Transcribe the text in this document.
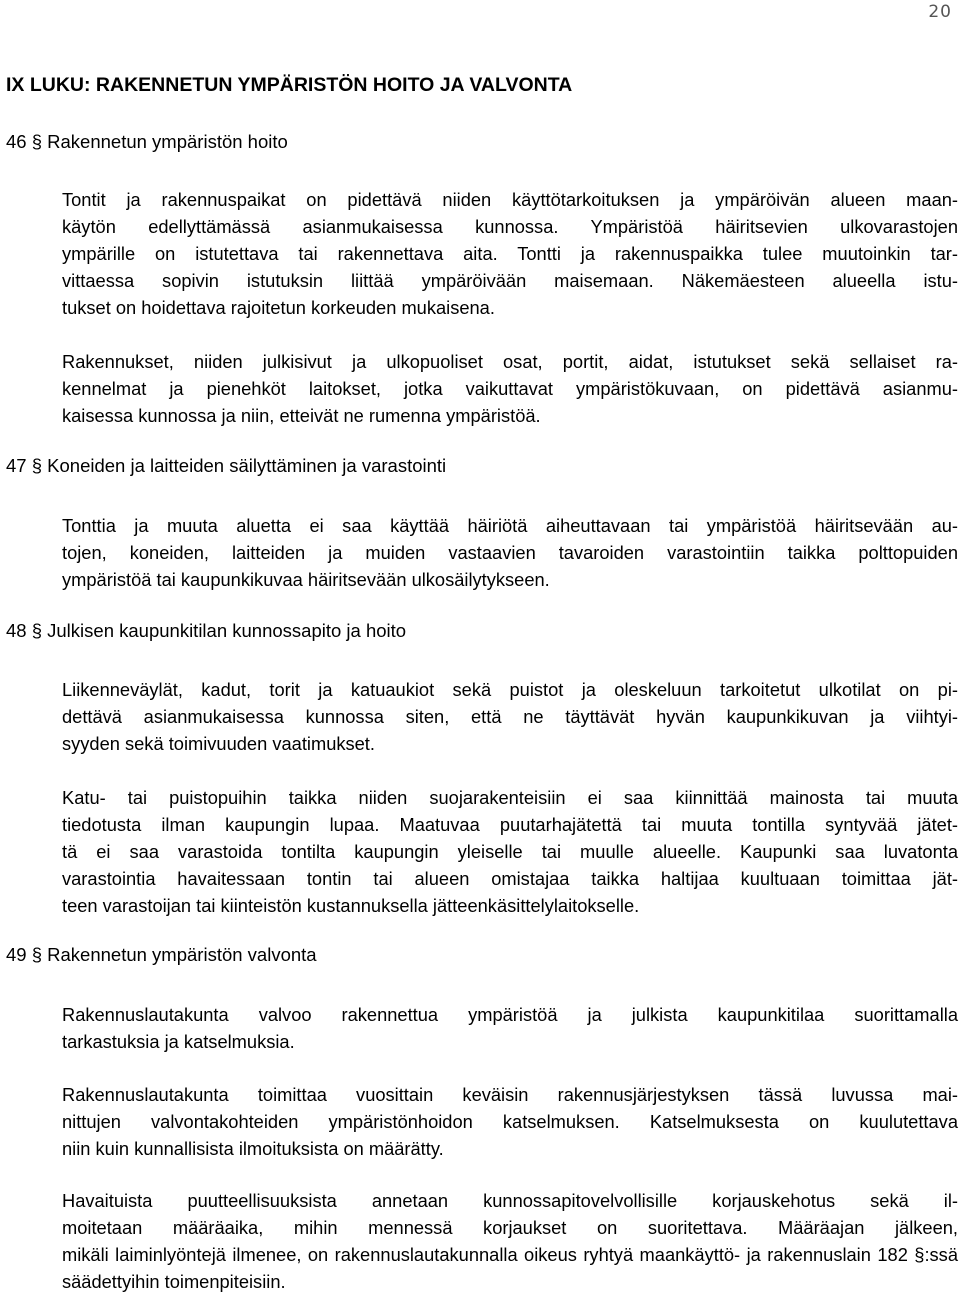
20
IX LUKU: RAKENNETUN YMPÄRISTÖN HOITO JA VALVONTA
46 § Rakennetun ympäristön hoito
Tontit ja rakennuspaikat on pidettävä niiden käyttötarkoituksen ja ympäröivän alueen maan-
käytön edellyttämässä asianmukaisessa kunnossa. Ympäristöä häiritsevien ulkovarastojen
ympärille on istutettava tai rakennettava aita. Tontti ja rakennuspaikka tulee muutoinkin tar-
vittaessa sopivin istutuksin liittää ympäröivään maisemaan. Näkemäesteen alueella istu-
tukset on hoidettava rajoitetun korkeuden mukaisena.
Rakennukset, niiden julkisivut ja ulkopuoliset osat, portit, aidat, istutukset sekä sellaiset ra-
kennelmat ja pienehköt laitokset, jotka vaikuttavat ympäristökuvaan, on pidettävä asianmu-
kaisessa kunnossa ja niin, etteivät ne rumenna ympäristöä.
47 § Koneiden ja laitteiden säilyttäminen ja varastointi
Tonttia ja muuta aluetta ei saa käyttää häiriötä aiheuttavaan tai ympäristöä häiritsevään au-
tojen, koneiden, laitteiden ja muiden vastaavien tavaroiden varastointiin taikka polttopuiden
ympäristöä tai kaupunkikuvaa häiritsevään ulkosäilytykseen.
48 § Julkisen kaupunkitilan kunnossapito ja hoito
Liikenneväylät, kadut, torit ja katuaukiot sekä puistot ja oleskeluun tarkoitetut ulkotilat on pi-
dettävä asianmukaisessa kunnossa siten, että ne täyttävät hyvän kaupunkikuvan ja viihtyi-
syyden sekä toimivuuden vaatimukset.
Katu- tai puistopuihin taikka niiden suojarakenteisiin ei saa kiinnittää mainosta tai muuta
tiedotusta ilman kaupungin lupaa. Maatuvaa puutarhajätettä tai muuta tontilla syntyvää jätet-
tä ei saa varastoida tontilta kaupungin yleiselle tai muulle alueelle. Kaupunki saa luvatonta
varastointia havaitessaan tontin tai alueen omistajaa taikka haltijaa kuultuaan toimittaa jät-
teen varastoijan tai kiinteistön kustannuksella jätteenkäsittelylaitokselle.
49 § Rakennetun ympäristön valvonta
Rakennuslautakunta valvoo rakennettua ympäristöä ja julkista kaupunkitilaa suorittamalla
tarkastuksia ja katselmuksia.
Rakennuslautakunta toimittaa vuosittain keväisin rakennusjärjestyksen tässä luvussa mai-
nittujen valvontakohteiden ympäristönhoidon katselmuksen. Katselmuksesta on kuulutettava
niin kuin kunnallisista ilmoituksista on määrätty.
Havaituista puutteellisuuksista annetaan kunnossapitovelvollisille korjauskehotus sekä il-
moitetaan määräaika, mihin mennessä korjaukset on suoritettava. Määräajan jälkeen,
mikäli laiminlyöntejä ilmenee, on rakennuslautakunnalla oikeus ryhtyä maankäyttö- ja rakennuslain 182 §:ssä säädettyihin toimenpiteisiin.
